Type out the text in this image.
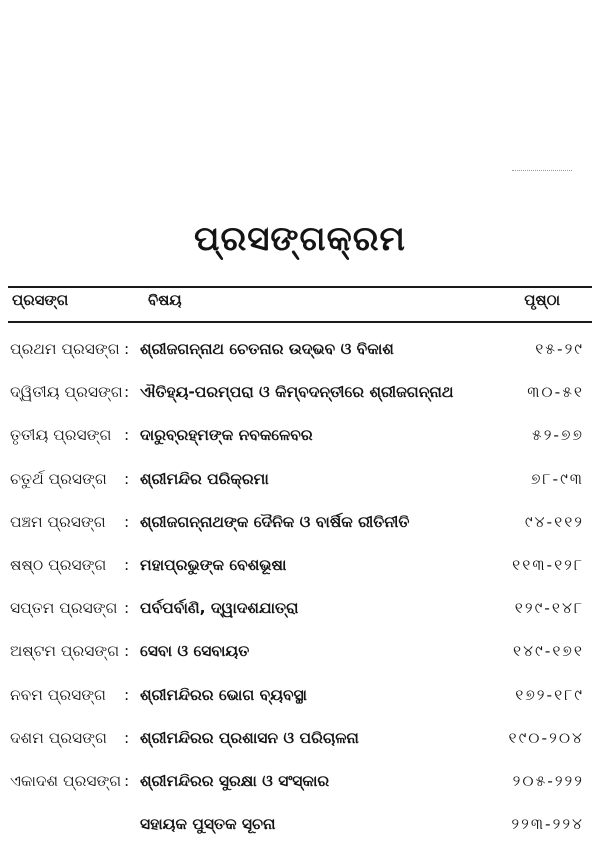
ପ୍ରସଙ୍ଗକ୍ରମ
ପ୍ରସଙ୍ଗ	ବିଷୟ	ପୃଷ୍ଠା
ପ୍ରଥମ ପ୍ରସଙ୍ଗ : ଶ୍ରୀଜଗନ୍ନାଥ ଚେତନାର ଉଦ୍ଭବ ଓ ବିକାଶ	୧୫-୨୯
ଦ୍ୱିତୀୟ ପ୍ରସଙ୍ଗ : ଐତିହ୍ୟ-ପରମ୍ପରା ଓ କିମ୍ବଦନ୍ତୀରେ ଶ୍ରୀଜଗନ୍ନାଥ	୩୦-୫୧
ତୃତୀୟ ପ୍ରସଙ୍ଗ : ଦାରୁବ୍ରହ୍ମଙ୍କ ନବକଳେବର	୫୨-୭୭
ଚତୁର୍ଥ ପ୍ରସଙ୍ଗ : ଶ୍ରୀମନ୍ଦିର ପରିକ୍ରମା	୭୮-୯୩
ପଞ୍ଚମ ପ୍ରସଙ୍ଗ : ଶ୍ରୀଜଗନ୍ନାଥଙ୍କ ଦୈନିକ ଓ ବାର୍ଷିକ ରୀତିନୀତି	୯୪-୧୧୨
ଷଷ୍ଠ ପ୍ରସଙ୍ଗ : ମହାପ୍ରଭୁଙ୍କ ବେଶଭୂଷା	୧୧୩-୧୨୮
ସପ୍ତମ ପ୍ରସଙ୍ଗ : ପର୍ବପର୍ବାଣି, ଦ୍ୱାଦଶଯାତ୍ରା	୧୨୯-୧୪୮
ଅଷ୍ଟମ ପ୍ରସଙ୍ଗ : ସେବା ଓ ସେବାୟତ	୧୪୯-୧୭୧
ନବମ ପ୍ରସଙ୍ଗ : ଶ୍ରୀମନ୍ଦିରର ଭୋଗ ବ୍ୟବସ୍ଥା	୧୭୨-୧୮୯
ଦଶମ ପ୍ରସଙ୍ଗ : ଶ୍ରୀମନ୍ଦିରର ପ୍ରଶାସନ ଓ ପରିଚାଳନା	୧୯୦-୨୦୪
ଏକାଦଶ ପ୍ରସଙ୍ଗ : ଶ୍ରୀମନ୍ଦିରର ସୁରକ୍ଷା ଓ ସଂସ୍କାର	୨୦୫-୨୨୨
ସହାୟକ ପୁସ୍ତକ ସୂଚନା	୨୨୩-୨୨୪
